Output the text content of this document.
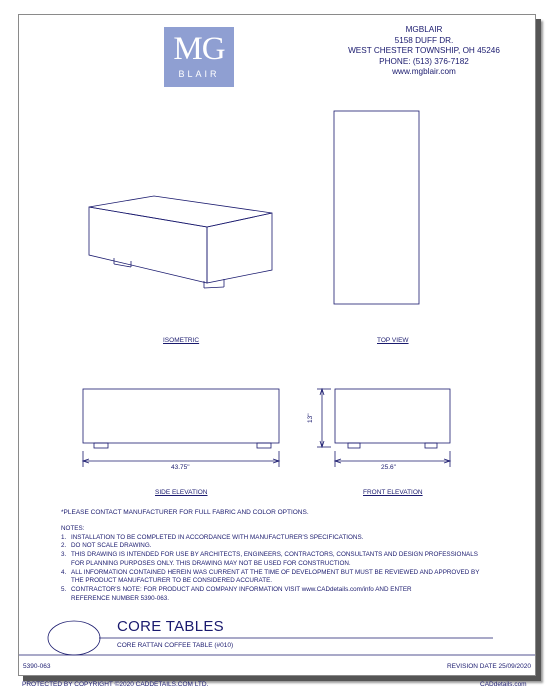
MG
BLAIR
MGBLAIR
5158 DUFF DR.
WEST CHESTER TOWNSHIP, OH 45246
PHONE: (513) 376-7182
www.mgblair.com
ISOMETRIC	TOP VIEW
SIDE ELEVATION	FRONT ELEVATION
43.75"	25.6"
13"
*PLEASE CONTACT MANUFACTURER FOR FULL FABRIC AND COLOR OPTIONS.
NOTES:
1. INSTALLATION TO BE COMPLETED IN ACCORDANCE WITH MANUFACTURER'S SPECIFICATIONS.
2. DO NOT SCALE DRAWING.
3. THIS DRAWING IS INTENDED FOR USE BY ARCHITECTS, ENGINEERS, CONTRACTORS, CONSULTANTS AND DESIGN PROFESSIONALS
FOR PLANNING PURPOSES ONLY. THIS DRAWING MAY NOT BE USED FOR CONSTRUCTION.
4. ALL INFORMATION CONTAINED HEREIN WAS CURRENT AT THE TIME OF DEVELOPMENT BUT MUST BE REVIEWED AND APPROVED BY
THE PRODUCT MANUFACTURER TO BE CONSIDERED ACCURATE.
5. CONTRACTOR'S NOTE: FOR PRODUCT AND COMPANY INFORMATION VISIT www.CADdetails.com/info AND ENTER
REFERENCE NUMBER 5390-063.
CORE TABLES
CORE RATTAN COFFEE TABLE (#010)
5390-063	REVISION DATE 25/09/2020
PROTECTED BY COPYRIGHT ©2020 CADDETAILS.COM LTD.	CADdetails.com
